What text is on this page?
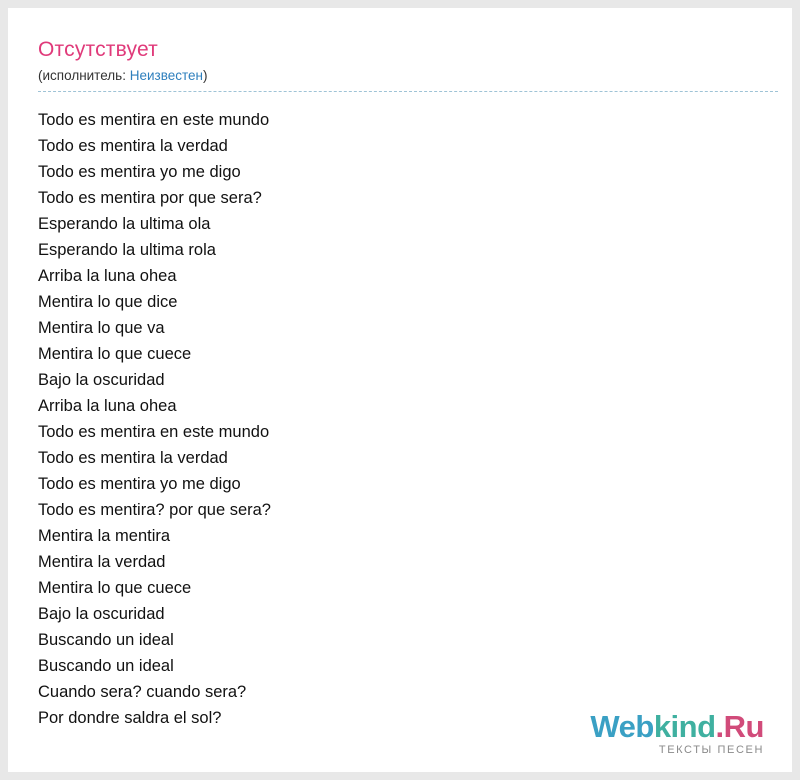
Отсутствует
(исполнитель: Неизвестен)
Todo es mentira en este mundo
Todo es mentira la verdad
Todo es mentira yo me digo
Todo es mentira por que sera?
Esperando la ultima ola
Esperando la ultima rola
Arriba la luna ohea
Mentira lo que dice
Mentira lo que va
Mentira lo que cuece
Bajo la oscuridad
Arriba la luna ohea
Todo es mentira en este mundo
Todo es mentira la verdad
Todo es mentira yo me digo
Todo es mentira? por que sera?
Mentira la mentira
Mentira la verdad
Mentira lo que cuece
Bajo la oscuridad
Buscando un ideal
Buscando un ideal
Cuando sera? cuando sera?
Por dondre saldra el sol?	Webkind.Ru
ТЕКСТЫ ПЕСЕН
